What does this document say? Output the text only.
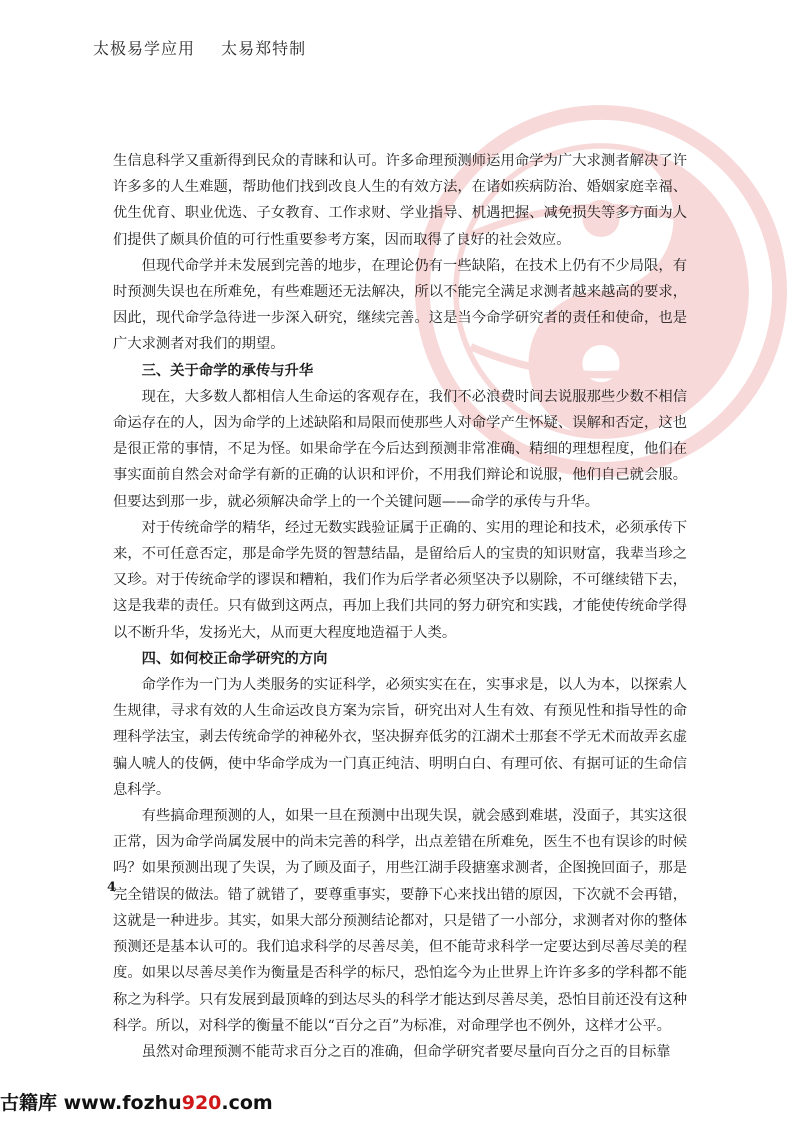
太极易学应用 太易郑特制

生信息科学又重新得到民众的青睐和认可。许多命理预测师运用命学为广大求测者解决了许许多多的人生难题，帮助他们找到改良人生的有效方法，在诸如疾病防治、婚姻家庭幸福、优生优育、职业优选、子女教育、工作求财、学业指导、机遇把握、减免损失等多方面为人们提供了颇具价值的可行性重要参考方案，因而取得了良好的社会效应。

但现代命学并未发展到完善的地步，在理论仍有一些缺陷，在技术上仍有不少局限，有时预测失误也在所难免，有些难题还无法解决，所以不能完全满足求测者越来越高的要求，因此，现代命学急待进一步深入研究，继续完善。这是当今命学研究者的责任和使命，也是广大求测者对我们的期望。

三、关于命学的承传与升华

现在，大多数人都相信人生命运的客观存在，我们不必浪费时间去说服那些少数不相信命运存在的人，因为命学的上述缺陷和局限而使那些人对命学产生怀疑、误解和否定，这也是很正常的事情，不足为怪。如果命学在今后达到预测非常准确、精细的理想程度，他们在事实面前自然会对命学有新的正确的认识和评价，不用我们辩论和说服，他们自己就会服。但要达到那一步，就必须解决命学上的一个关键问题——命学的承传与升华。

对于传统命学的精华，经过无数实践验证属于正确的、实用的理论和技术，必须承传下来，不可任意否定，那是命学先贤的智慧结晶，是留给后人的宝贵的知识财富，我辈当珍之又珍。对于传统命学的谬误和糟粕，我们作为后学者必须坚决予以剔除，不可继续错下去，这是我辈的责任。只有做到这两点，再加上我们共同的努力研究和实践，才能使传统命学得以不断升华，发扬光大，从而更大程度地造福于人类。

四、如何校正命学研究的方向

命学作为一门为人类服务的实证科学，必须实实在在，实事求是，以人为本，以探索人生规律，寻求有效的人生命运改良方案为宗旨，研究出对人生有效、有预见性和指导性的命理科学法宝，剥去传统命学的神秘外衣，坚决摒弃低劣的江湖术士那套不学无术而故弄玄虚骗人唬人的伎俩，使中华命学成为一门真正纯洁、明明白白、有理可依、有据可证的生命信息科学。

有些搞命理预测的人，如果一旦在预测中出现失误，就会感到难堪，没面子，其实这很正常，因为命学尚属发展中的尚未完善的科学，出点差错在所难免，医生不也有误诊的时候吗？如果预测出现了失误，为了顾及面子，用些江湖手段搪塞求测者，企图挽回面子，那是完全错误的做法。错了就错了，要尊重事实，要静下心来找出错的原因，下次就不会再错，这就是一种进步。其实，如果大部分预测结论都对，只是错了一小部分，求测者对你的整体预测还是基本认可的。我们追求科学的尽善尽美，但不能苛求科学一定要达到尽善尽美的程度。如果以尽善尽美作为衡量是否科学的标尺，恐怕迄今为止世界上许许多多的学科都不能称之为科学。只有发展到最顶峰的到达尽头的科学才能达到尽善尽美，恐怕目前还没有这种科学。所以，对科学的衡量不能以“百分之百”为标准，对命理学也不例外，这样才公平。

虽然对命理预测不能苛求百分之百的准确，但命学研究者要尽量向百分之百的目标靠

4
古籍库 www.fozhu920.com
